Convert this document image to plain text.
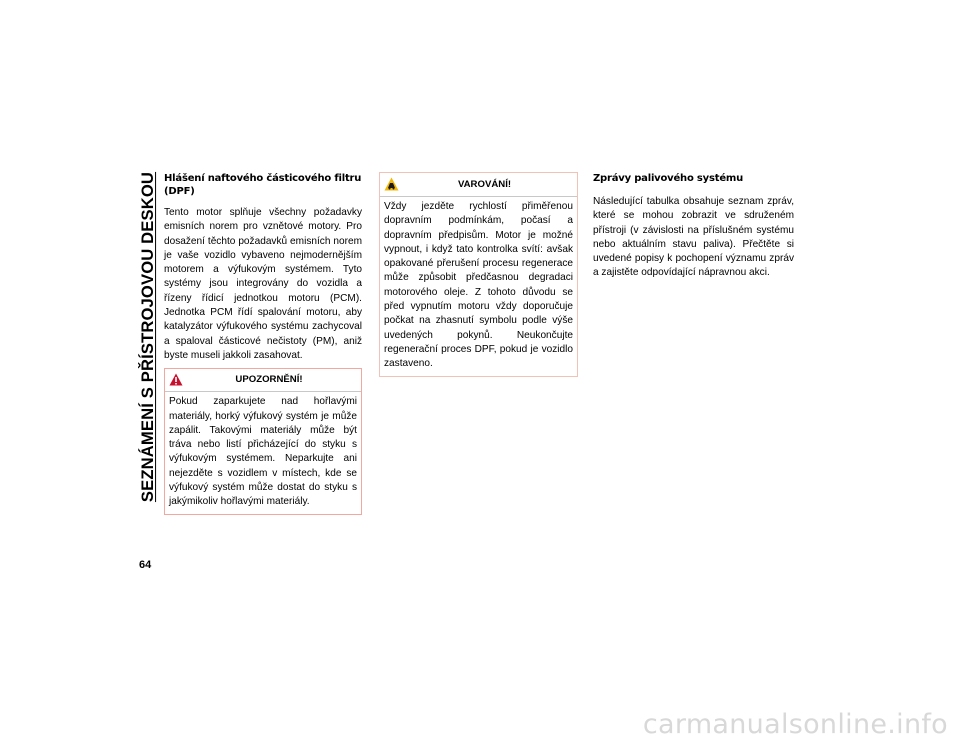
SEZNÁMENÍ S PŘÍSTROJOVOU DESKOU
64
Hlášení naftového částicového filtru (DPF)

Tento motor splňuje všechny požadavky emisních norem pro vznětové motory. Pro dosažení těchto požadavků emisních norem je vaše vozidlo vybaveno nejmodernějším motorem a výfukovým systémem. Tyto systémy jsou integrovány do vozidla a řízeny řídicí jednotkou motoru (PCM). Jednotka PCM řídí spalování motoru, aby katalyzátor výfukového systému zachycoval a spaloval částicové nečistoty (PM), aniž byste museli jakkoli zasahovat.

UPOZORNĚNÍ!
Pokud zaparkujete nad hořlavými materiály, horký výfukový systém je může zapálit. Takovými materiály může být tráva nebo listí přicházející do styku s výfukovým systémem. Neparkujte ani nejezděte s vozidlem v místech, kde se výfukový systém může dostat do styku s jakýmikoliv hořlavými materiály.
VAROVÁNÍ!
Vždy jezděte rychlostí přiměřenou dopravním podmínkám, počasí a dopravním předpisům. Motor je možné vypnout, i když tato kontrolka svítí: avšak opakované přerušení procesu regenerace může způsobit předčasnou degradaci motorového oleje. Z tohoto důvodu se před vypnutím motoru vždy doporučuje počkat na zhasnutí symbolu podle výše uvedených pokynů. Neukončujte regenerační proces DPF, pokud je vozidlo zastaveno.
Zprávy palivového systému

Následující tabulka obsahuje seznam zpráv, které se mohou zobrazit ve sdruženém přístroji (v závislosti na příslušném systému nebo aktuálním stavu paliva). Přečtěte si uvedené popisy k pochopení významu zpráv a zajistěte odpovídající nápravnou akci.

carmanualsonline.info
